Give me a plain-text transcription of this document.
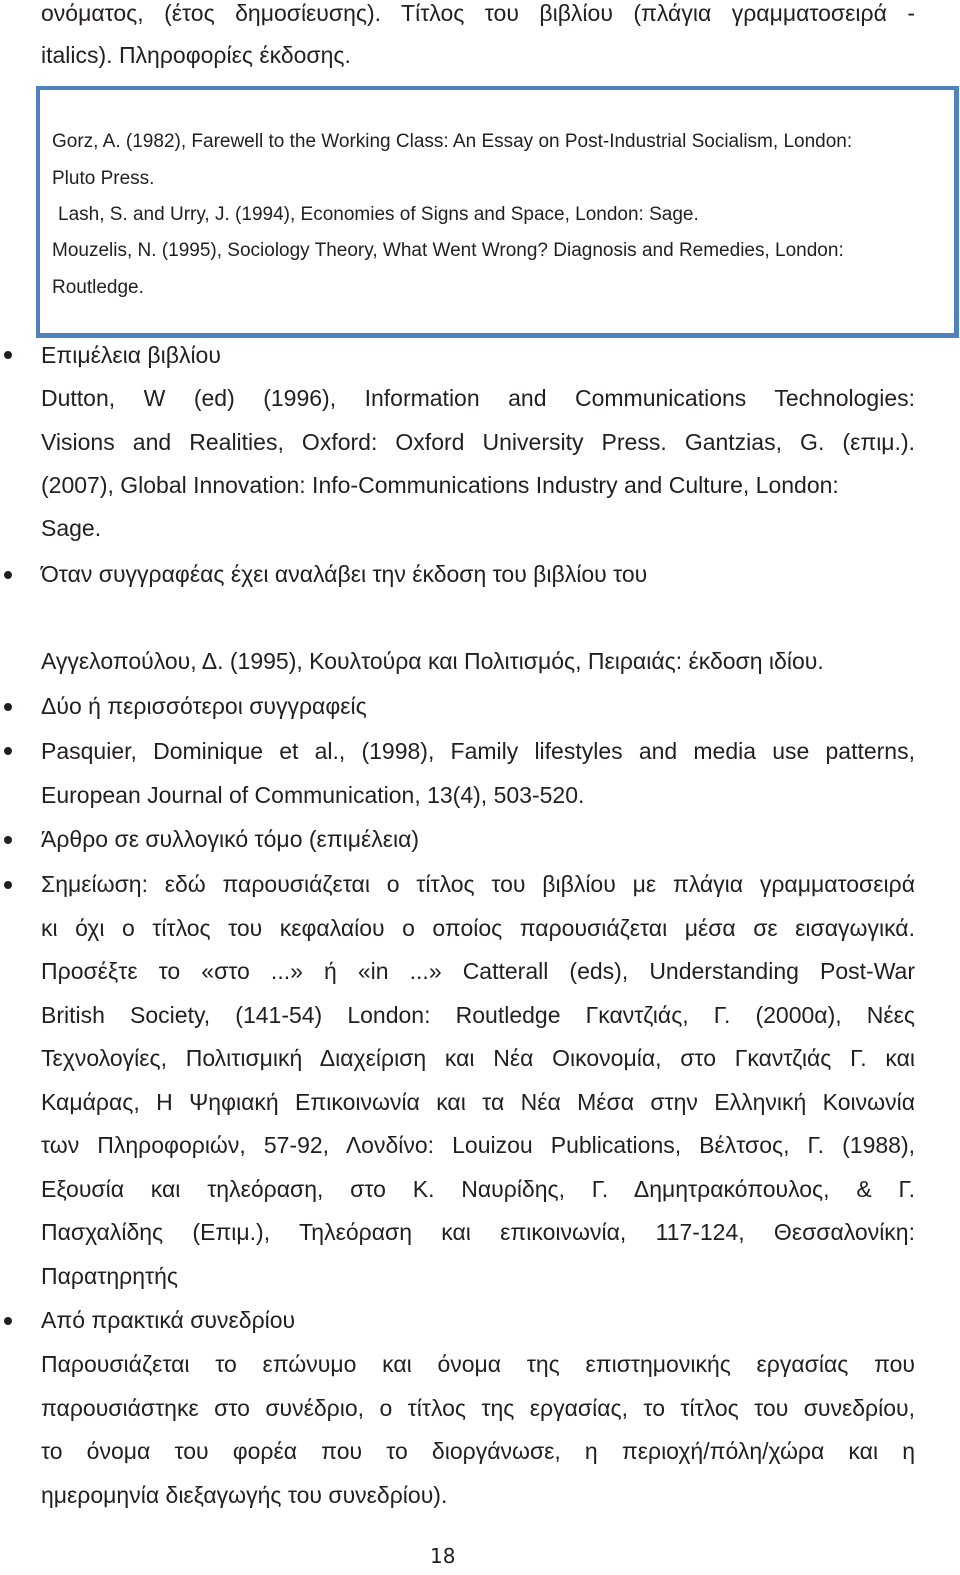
ονόματος, (έτος δημοσίευσης). Τίτλος του βιβλίου (πλάγια γραμματοσειρά -
italics). Πληροφορίες έκδοσης.
Gorz, A. (1982), Farewell to the Working Class: An Essay on Post-Industrial Socialism, London:
Pluto Press.
Lash, S. and Urry, J. (1994), Economies of Signs and Space, London: Sage.
Mouzelis, N. (1995), Sociology Theory, What Went Wrong? Diagnosis and Remedies, London:
Routledge.
Επιμέλεια βιβλίου
Dutton, W (ed) (1996), Information and Communications Technologies:
Visions and Realities, Oxford: Oxford University Press. Gantzias, G. (επιμ.).
(2007), Global Innovation: Info-Communications Industry and Culture, London:
Sage.
Όταν συγγραφέας έχει αναλάβει την έκδοση του βιβλίου του
Αγγελοπούλου, Δ. (1995), Κουλτούρα και Πολιτισμός, Πειραιάς: έκδοση ιδίου.
Δύο ή περισσότεροι συγγραφείς
Pasquier, Dominique et al., (1998), Family lifestyles and media use patterns,
European Journal of Communication, 13(4), 503-520.
Άρθρο σε συλλογικό τόμο (επιμέλεια)
Σημείωση: εδώ παρουσιάζεται ο τίτλος του βιβλίου με πλάγια γραμματοσειρά
κι όχι ο τίτλος του κεφαλαίου ο οποίος παρουσιάζεται μέσα σε εισαγωγικά.
Προσέξτε το «στο ...» ή «in ...» Catterall (eds), Understanding Post-War
British Society, (141-54) London: Routledge Γκαντζιάς, Γ. (2000α), Νέες
Τεχνολογίες, Πολιτισμική Διαχείριση και Νέα Οικονομία, στο Γκαντζιάς Γ. και
Καμάρας, Η Ψηφιακή Επικοινωνία και τα Νέα Μέσα στην Ελληνική Κοινωνία
των Πληροφοριών, 57-92, Λονδίνο: Louizou Publications, Βέλτσος, Γ. (1988),
Εξουσία και τηλεόραση, στο Κ. Ναυρίδης, Γ. Δημητρακόπουλος, & Γ.
Πασχαλίδης (Επιμ.), Τηλεόραση και επικοινωνία, 117-124, Θεσσαλονίκη:
Παρατηρητής
Από πρακτικά συνεδρίου
Παρουσιάζεται το επώνυμο και όνομα της επιστημονικής εργασίας που
παρουσιάστηκε στο συνέδριο, ο τίτλος της εργασίας, το τίτλος του συνεδρίου,
το όνομα του φορέα που το διοργάνωσε, η περιοχή/πόλη/χώρα και η
ημερομηνία διεξαγωγής του συνεδρίου).
18
